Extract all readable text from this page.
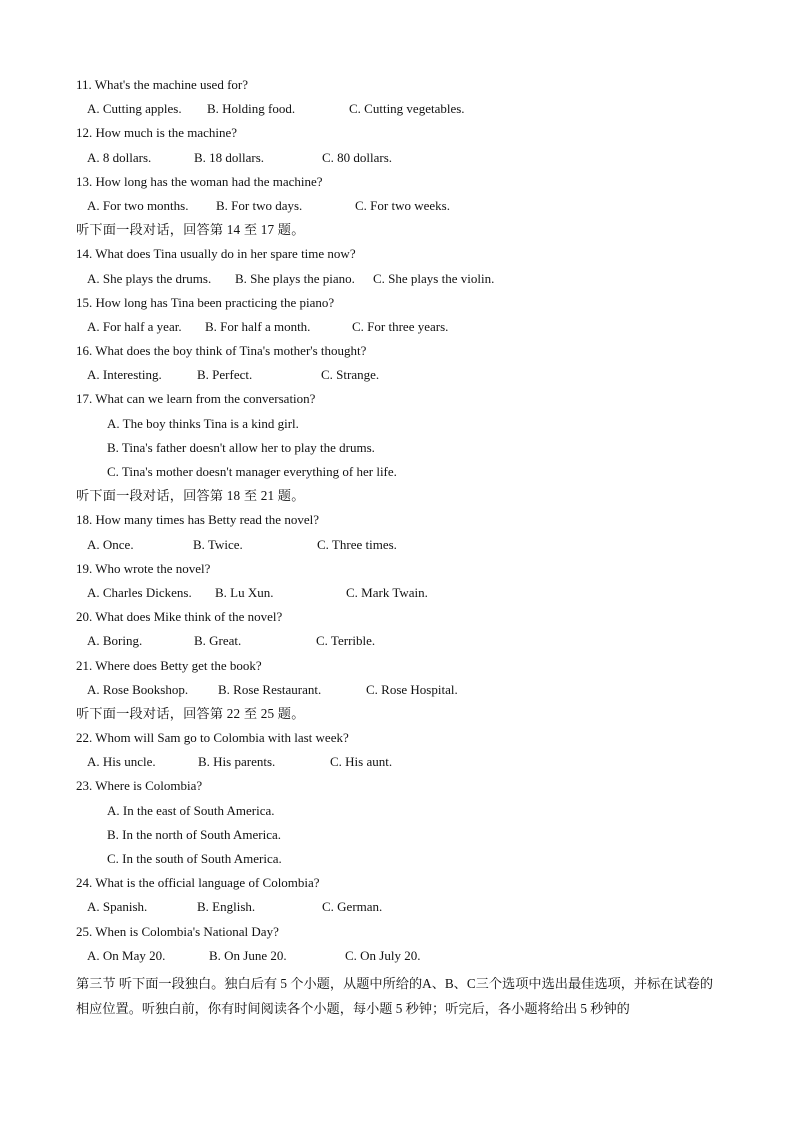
11. What's the machine used for?
A. Cutting apples. B. Holding food.	C. Cutting vegetables.
12. How much is the machine?
A. 8 dollars.	B. 18 dollars.	C. 80 dollars.
13. How long has the woman had the machine?
A. For two months. B. For two days.	C. For two weeks.
听下面一段对话，回答第 14 至 17 题。
14. What does Tina usually do in her spare time now?
A. She plays the drums. B. She plays the piano. C. She plays the violin.
15. How long has Tina been practicing the piano?
A. For half a year. B. For half a month.	C. For three years.
16. What does the boy think of Tina's mother's thought?
A. Interesting.	B. Perfect.	C. Strange.
17. What can we learn from the conversation?
A. The boy thinks Tina is a kind girl.
B. Tina's father doesn't allow her to play the drums.
C. Tina's mother doesn't manager everything of her life.
听下面一段对话，回答第 18 至 21 题。
18. How many times has Betty read the novel?
A. Once.	B. Twice.	C. Three times.
19. Who wrote the novel?
A. Charles Dickens. B. Lu Xun.	C. Mark Twain.
20. What does Mike think of the novel?
A. Boring.	B. Great.	C. Terrible.
21. Where does Betty get the book?
A. Rose Bookshop. B. Rose Restaurant.	C. Rose Hospital.
听下面一段对话，回答第 22 至 25 题。
22. Whom will Sam go to Colombia with last week?
A. His uncle.	B. His parents.	C. His aunt.
23. Where is Colombia?
A. In the east of South America.
B. In the north of South America.
C. In the south of South America.
24. What is the official language of Colombia?
A. Spanish.	B. English.	C. German.
25. When is Colombia's National Day?
A. On May 20.	B. On June 20.	C. On July 20.
第三节 听下面一段独白。独白后有 5 个小题，从题中所给的A、B、C三个选项中选出最佳选项，并标在试卷的相应位置。听独白前，你有时间阅读各个小题，每小题 5 秒钟；听完后，各小题将给出 5 秒钟的
